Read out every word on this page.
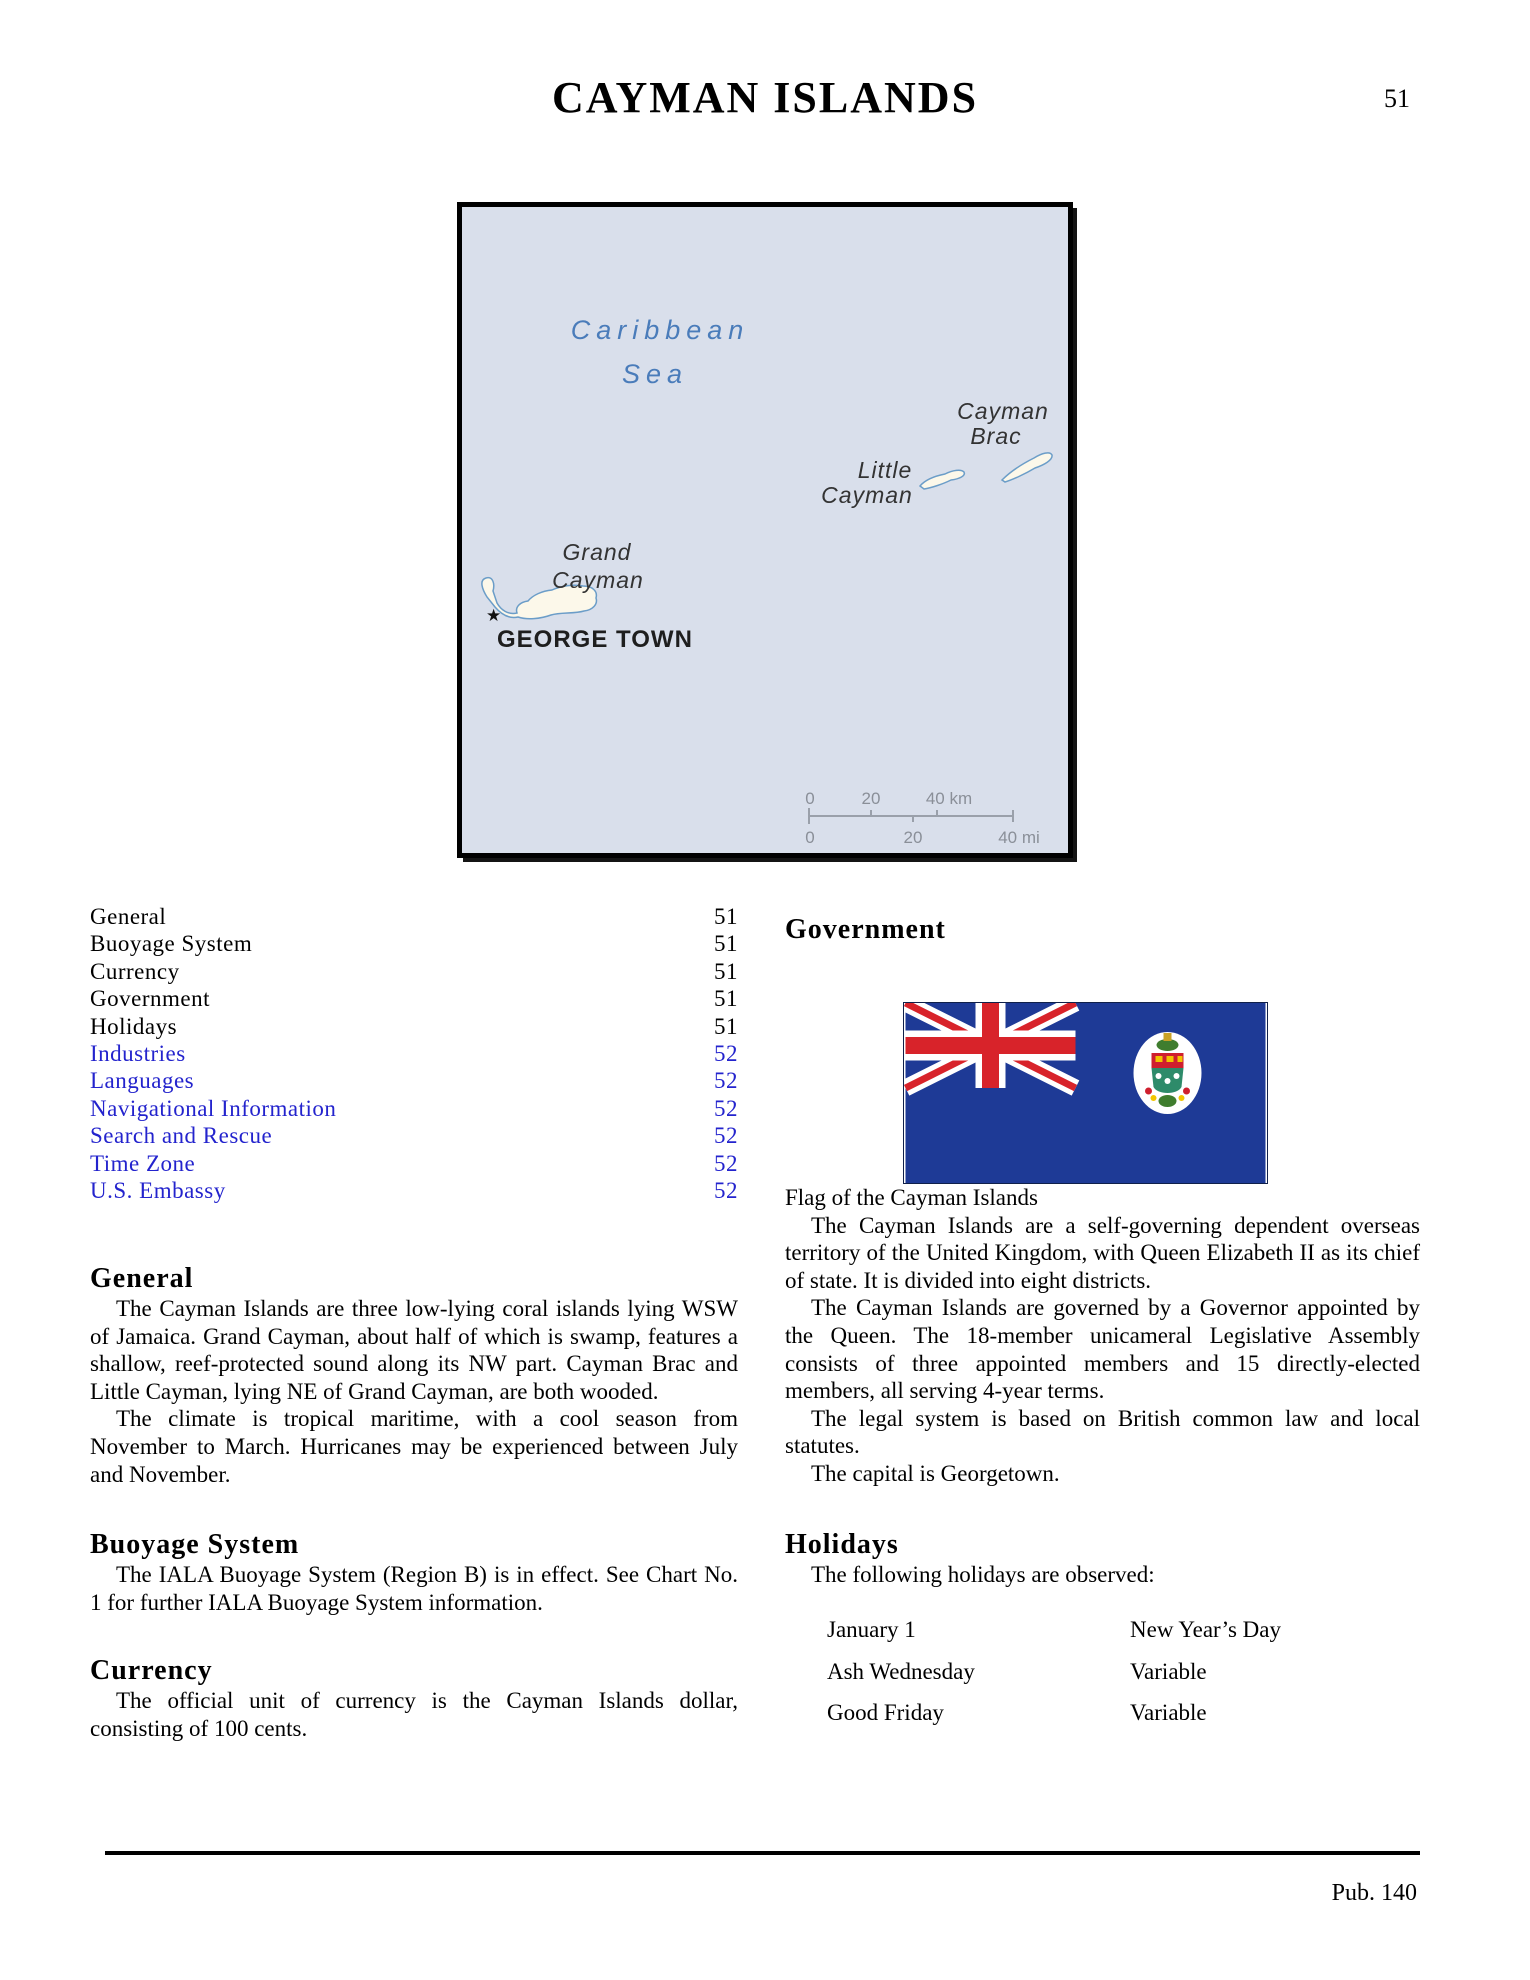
CAYMAN ISLANDS	51
Caribbean
Sea
Cayman
Brac
Little
Cayman
Grand
Cayman
★
GEORGE TOWN
0	20	40 km
0	20	40 mi
General	51
Buoyage System	51
Currency	51
Government	51
Holidays	51
Industries	52
Languages	52
Navigational Information	52
Search and Rescue	52
Time Zone	52
U.S. Embassy	52
General

The Cayman Islands are three low-lying coral islands lying WSW of Jamaica. Grand Cayman, about half of which is swamp, features a shallow, reef-protected sound along its NW part. Cayman Brac and Little Cayman, lying NE of Grand Cayman, are both wooded.

The climate is tropical maritime, with a cool season from November to March. Hurricanes may be experienced between July and November.

Buoyage System

The IALA Buoyage System (Region B) is in effect. See Chart No. 1 for further IALA Buoyage System information.

Currency

The official unit of currency is the Cayman Islands dollar, consisting of 100 cents.

Government

Flag of the Cayman Islands

The Cayman Islands are a self-governing dependent overseas territory of the United Kingdom, with Queen Elizabeth II as its chief of state. It is divided into eight districts.

The Cayman Islands are governed by a Governor appointed by the Queen. The 18-member unicameral Legislative Assembly consists of three appointed members and 15 directly-elected members, all serving 4-year terms.

The legal system is based on British common law and local statutes.

The capital is Georgetown.

Holidays

The following holidays are observed:

January 1	New Year’s Day
Ash Wednesday	Variable
Good Friday	Variable
Pub. 140
